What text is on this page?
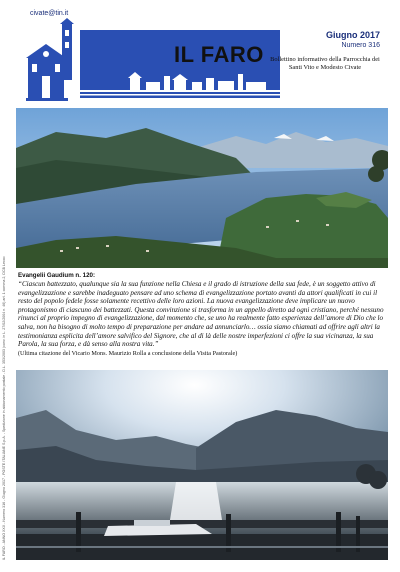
IL FARO - ANNO XXX - Numero 316 - Giugno 2017 - POSTE ITALIANE S.p.A. - Spedizione in abbonamento postale - D.L. 353/2003 (conv. in L. 27/02/2004 n. 46) art. 1 comma 2, DCB Lecco
civate@tin.it
IL FARO
Giugno 2017
Numero 316
Bollettino informativo della Parrocchia dei Santi Vito e Modesto Civate
Evangelii Gaudium n. 120:
“Ciascun battezzato, qualunque sia la sua funzione nella Chiesa e il grado di istruzione della sua fede, è un soggetto attivo di evangelizzazione e sarebbe inadeguato pensare ad uno schema di evangelizzazione portato avanti da attori qualificati in cui il resto del popolo fedele fosse solamente recettivo delle loro azioni. La nuova evangelizzazione deve implicare un nuovo protagonismo di ciascuno dei battezzati. Questa convinzione si trasforma in un appello diretto ad ogni cristiano, perché nessuno rinunci al proprio impegno di evangelizzazione, dal momento che, se uno ha realmente fatto esperienza dell’amore di Dio che lo salva, non ha bisogno di molto tempo di preparazione per andare ad annunciarlo… ossia siamo chiamati ad offrire agli altri la testimonianza esplicita dell’amore salvifico del Signore, che al di là delle nostre imperfezioni ci offre la sua vicinanza, la sua Parola, la sua forza, e dà senso alla nostra vita.”
(Ultima citazione del Vicario Mons. Maurizio Rolla a conclusione della Visita Pastorale)
